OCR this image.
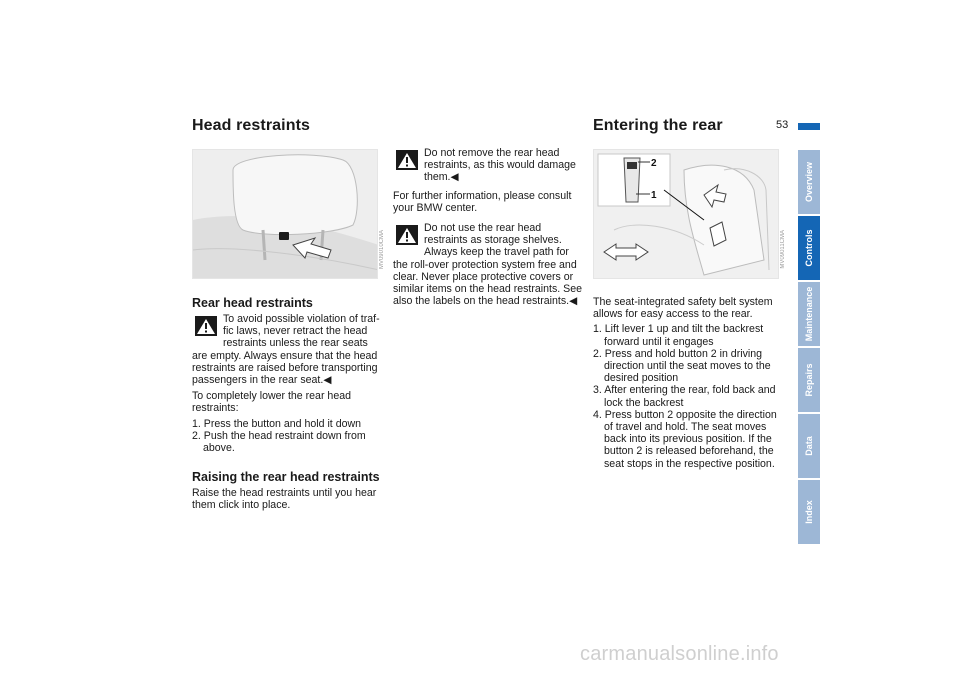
Head restraints	Entering the rear	53
MV09010CMA
2
1
MV09011CMA
Rear head restraints

To avoid possible violation of traf-fic laws, never retract the head restraints unless the rear seats are empty. Always ensure that the head restraints are raised before transporting passengers in the rear seat.◀

To completely lower the rear head restraints:

1. Press the button and hold it down
2. Push the head restraint down from above.
Raising the rear head restraints

Raise the head restraints until you hear them click into place.

Do not remove the rear head restraints, as this would damage them.◀

For further information, please consult your BMW center.

Do not use the rear head restraints as storage shelves. Always keep the travel path for the roll-over protection system free and clear. Never place protective covers or similar items on the head restraints. See also the labels on the head restraints.◀	The seat-integrated safety belt system allows for easy access to the rear.

1. Lift lever 1 up and tilt the backrest forward until it engages
2. Press and hold button 2 in driving direction until the seat moves to the desired position
3. After entering the rear, fold back and lock the backrest
4. Press button 2 opposite the direction of travel and hold. The seat moves back into its previous position. If the button 2 is released beforehand, the seat stops in the respective position.
Overview
Controls
Maintenance
Repairs
Data
Index
carmanualsonline.info
